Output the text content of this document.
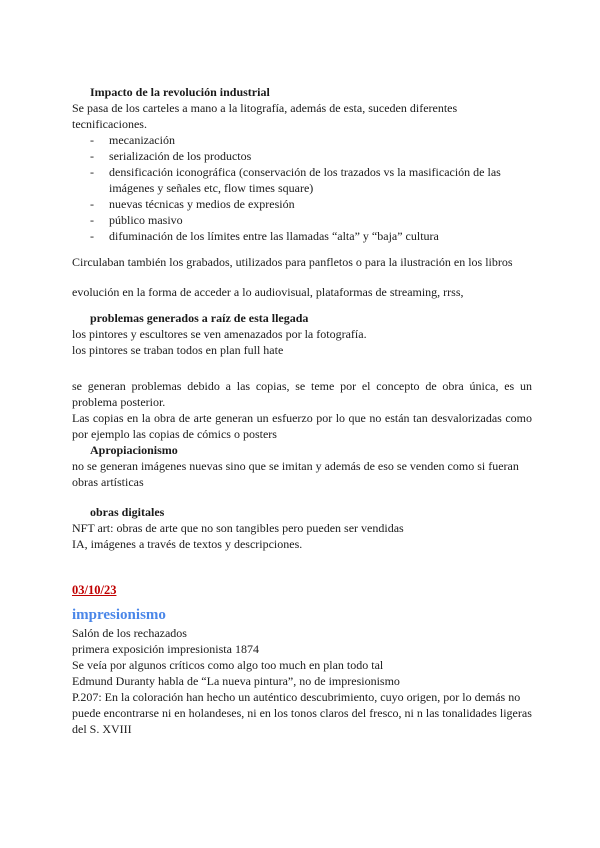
Impacto de la revolución industrial
Se pasa de los carteles a mano a la litografía, además de esta, suceden diferentes tecnificaciones.
- mecanización
- serialización de los productos
- densificación iconográfica (conservación de los trazados vs la masificación de las imágenes y señales etc, flow times square)
- nuevas técnicas y medios de expresión
- público masivo
- difuminación de los límites entre las llamadas “alta” y “baja” cultura
Circulaban también los grabados, utilizados para panfletos o para la ilustración en los libros
evolución en la forma de acceder a lo audiovisual, plataformas de streaming, rrss,
problemas generados a raíz de esta llegada
los pintores y escultores se ven amenazados por la fotografía.
los pintores se traban todos en plan full hate
se generan problemas debido a las copias, se teme por el concepto de obra única, es un problema posterior.
Las copias en la obra de arte generan un esfuerzo por lo que no están tan desvalorizadas como por ejemplo las copias de cómics o posters
Apropiacionismo
no se generan imágenes nuevas sino que se imitan y además de eso se venden como si fueran obras artísticas
obras digitales
NFT art: obras de arte que no son tangibles pero pueden ser vendidas
IA, imágenes a través de textos y descripciones.
03/10/23
impresionismo
Salón de los rechazados
primera exposición impresionista 1874
Se veía por algunos críticos como algo too much en plan todo tal
Edmund Duranty habla de “La nueva pintura”, no de impresionismo
P.207: En la coloración han hecho un auténtico descubrimiento, cuyo origen, por lo demás no puede encontrarse ni en holandeses, ni en los tonos claros del fresco, ni n las tonalidades ligeras del S. XVIII
